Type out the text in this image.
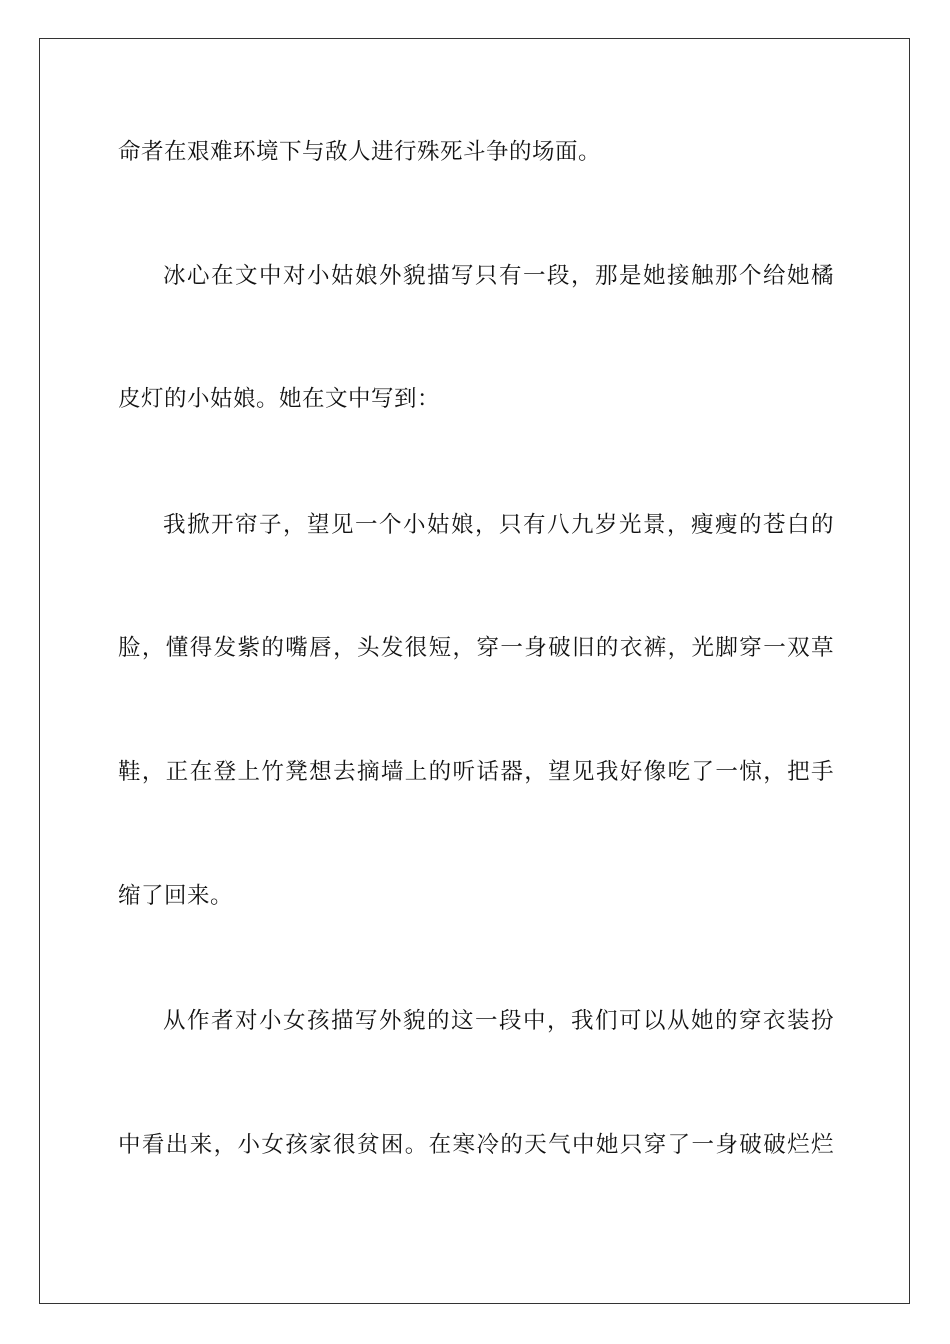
命者在艰难环境下与敌人进行殊死斗争的场面。
冰心在文中对小姑娘外貌描写只有一段，那是她接触那个给她橘
皮灯的小姑娘。她在文中写到：
我掀开帘子，望见一个小姑娘，只有八九岁光景，瘦瘦的苍白的
脸，懂得发紫的嘴唇，头发很短，穿一身破旧的衣裤，光脚穿一双草
鞋，正在登上竹凳想去摘墙上的听话器，望见我好像吃了一惊，把手
缩了回来。
从作者对小女孩描写外貌的这一段中，我们可以从她的穿衣装扮
中看出来，小女孩家很贫困。在寒冷的天气中她只穿了一身破破烂烂
